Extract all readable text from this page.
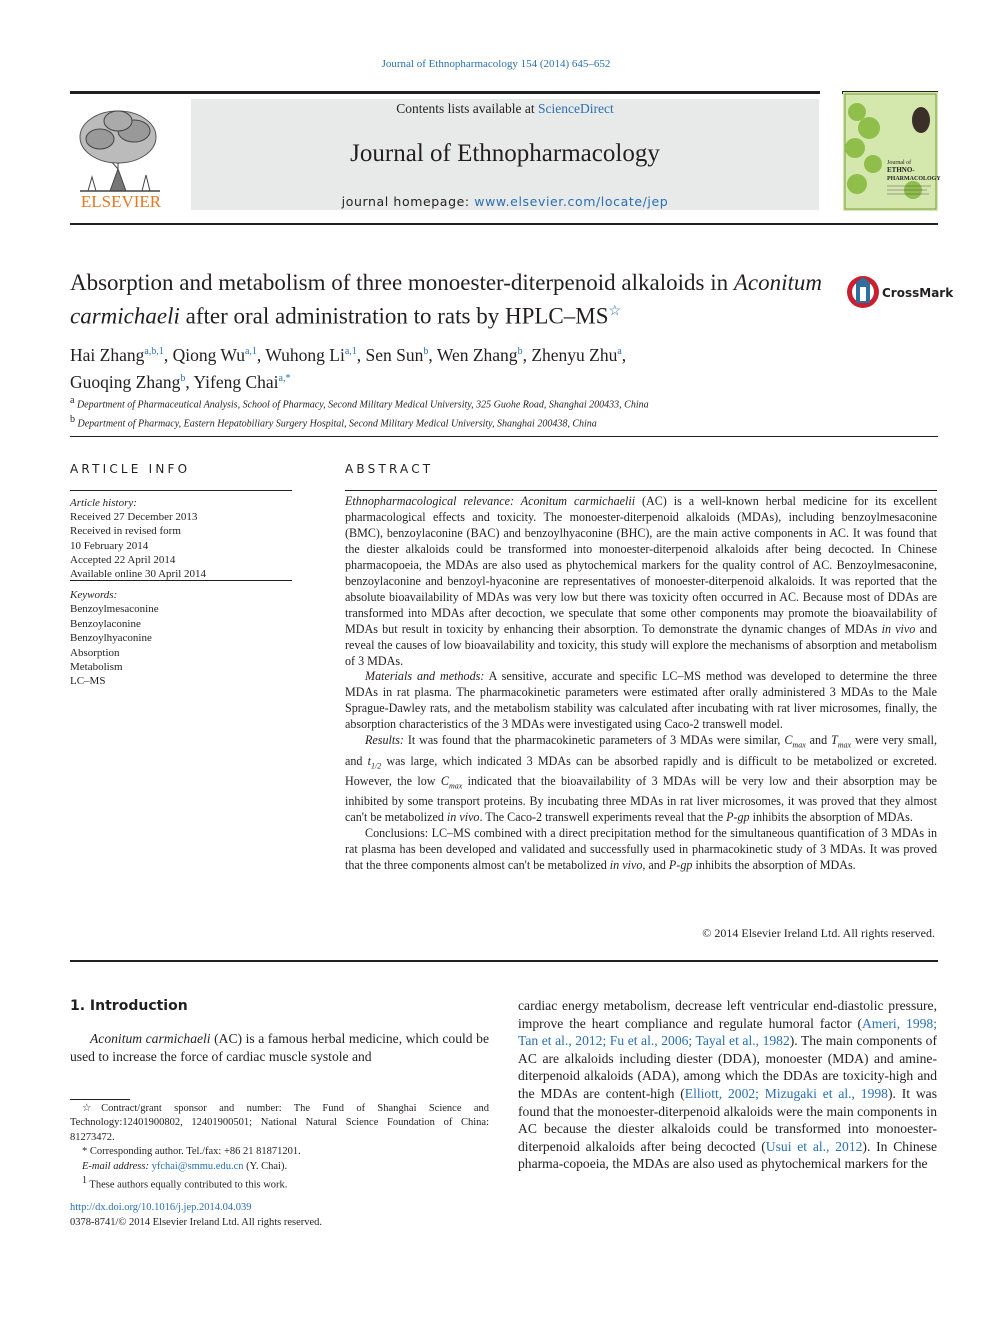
Journal of Ethnopharmacology 154 (2014) 645–652
ELSEVIER
Contents lists available at ScienceDirect
Journal of Ethnopharmacology
journal homepage: www.elsevier.com/locate/jep
Journal of
ETHNO-
PHARMACOLOGY
Absorption and metabolism of three monoester-diterpenoid alkaloids in Aconitum carmichaeli after oral administration to rats by HPLC–MS☆
CrossMark
Hai Zhang$^{a,b,1}$, Qiong Wu$^{a,1}$, Wuhong Li$^{a,1}$, Sen Sun$^b$, Wen Zhang$^b$, Zhenyu Zhu$^a$,
Guoqing Zhang$^b$, Yifeng Chai$^{a,*}$
$^a$ Department of Pharmaceutical Analysis, School of Pharmacy, Second Military Medical University, 325 Guohe Road, Shanghai 200433, China
$^b$ Department of Pharmacy, Eastern Hepatobiliary Surgery Hospital, Second Military Medical University, Shanghai 200438, China
ARTICLE INFO
Article history:
Received 27 December 2013
Received in revised form
10 February 2014
Accepted 22 April 2014
Available online 30 April 2014
Keywords:
Benzoylmesaconine
Benzoylaconine
Benzoylhyaconine
Absorption
Metabolism
LC–MS
ABSTRACT

Ethnopharmacological relevance: Aconitum carmichaelii (AC) is a well-known herbal medicine for its excellent pharmacological effects and toxicity. The monoester-diterpenoid alkaloids (MDAs), including benzoylmesaconine (BMC), benzoylaconine (BAC) and benzoylhyaconine (BHC), are the main active components in AC. It was found that the diester alkaloids could be transformed into monoester-diterpenoid alkaloids after being decocted. In Chinese pharmacopoeia, the MDAs are also used as phytochemical markers for the quality control of AC. Benzoylmesaconine, benzoylaconine and benzoyl-hyaconine are representatives of monoester-diterpenoid alkaloids. It was reported that the absolute bioavailability of MDAs was very low but there was toxicity often occurred in AC. Because most of DDAs are transformed into MDAs after decoction, we speculate that some other components may promote the bioavailability of MDAs but result in toxicity by enhancing their absorption. To demonstrate the dynamic changes of MDAs in vivo and reveal the causes of low bioavailability and toxicity, this study will explore the mechanisms of absorption and metabolism of 3 MDAs.

Materials and methods: A sensitive, accurate and specific LC–MS method was developed to determine the three MDAs in rat plasma. The pharmacokinetic parameters were estimated after orally administered 3 MDAs to the Male Sprague-Dawley rats, and the metabolism stability was calculated after incubating with rat liver microsomes, finally, the absorption characteristics of the 3 MDAs were investigated using Caco-2 transwell model.

Results: It was found that the pharmacokinetic parameters of 3 MDAs were similar, $C_{max}$ and $T_{max}$ were very small, and $t_{1/2}$ was large, which indicated 3 MDAs can be absorbed rapidly and is difficult to be metabolized or excreted. However, the low $C_{max}$ indicated that the bioavailability of 3 MDAs will be very low and their absorption may be inhibited by some transport proteins. By incubating three MDAs in rat liver microsomes, it was proved that they almost can't be metabolized in vivo. The Caco-2 transwell experiments reveal that the P-gp inhibits the absorption of MDAs.

Conclusions: LC–MS combined with a direct precipitation method for the simultaneous quantification of 3 MDAs in rat plasma has been developed and validated and successfully used in pharmacokinetic study of 3 MDAs. It was proved that the three components almost can't be metabolized in vivo, and P-gp inhibits the absorption of MDAs.

© 2014 Elsevier Ireland Ltd. All rights reserved.
1. Introduction
Aconitum carmichaeli (AC) is a famous herbal medicine, which could be used to increase the force of cardiac muscle systole and

☆Contract/grant sponsor and number: The Fund of Shanghai Science and Technology:12401900802, 12401900501; National Natural Science Foundation of China: 81273472.

* Corresponding author. Tel./fax: +86 21 81871201.

E-mail address: yfchai@smmu.edu.cn (Y. Chai).

$^1$ These authors equally contributed to this work.

http://dx.doi.org/10.1016/j.jep.2014.04.039
0378-8741/© 2014 Elsevier Ireland Ltd. All rights reserved.
cardiac energy metabolism, decrease left ventricular end-diastolic pressure, improve the heart compliance and regulate humoral factor (Ameri, 1998; Tan et al., 2012; Fu et al., 2006; Tayal et al., 1982). The main components of AC are alkaloids including diester (DDA), monoester (MDA) and amine-diterpenoid alkaloids (ADA), among which the DDAs are toxicity-high and the MDAs are content-high (Elliott, 2002; Mizugaki et al., 1998). It was found that the monoester-diterpenoid alkaloids were the main components in AC because the diester alkaloids could be transformed into monoester-diterpenoid alkaloids after being decocted (Usui et al., 2012). In Chinese pharma-copoeia, the MDAs are also used as phytochemical markers for the
